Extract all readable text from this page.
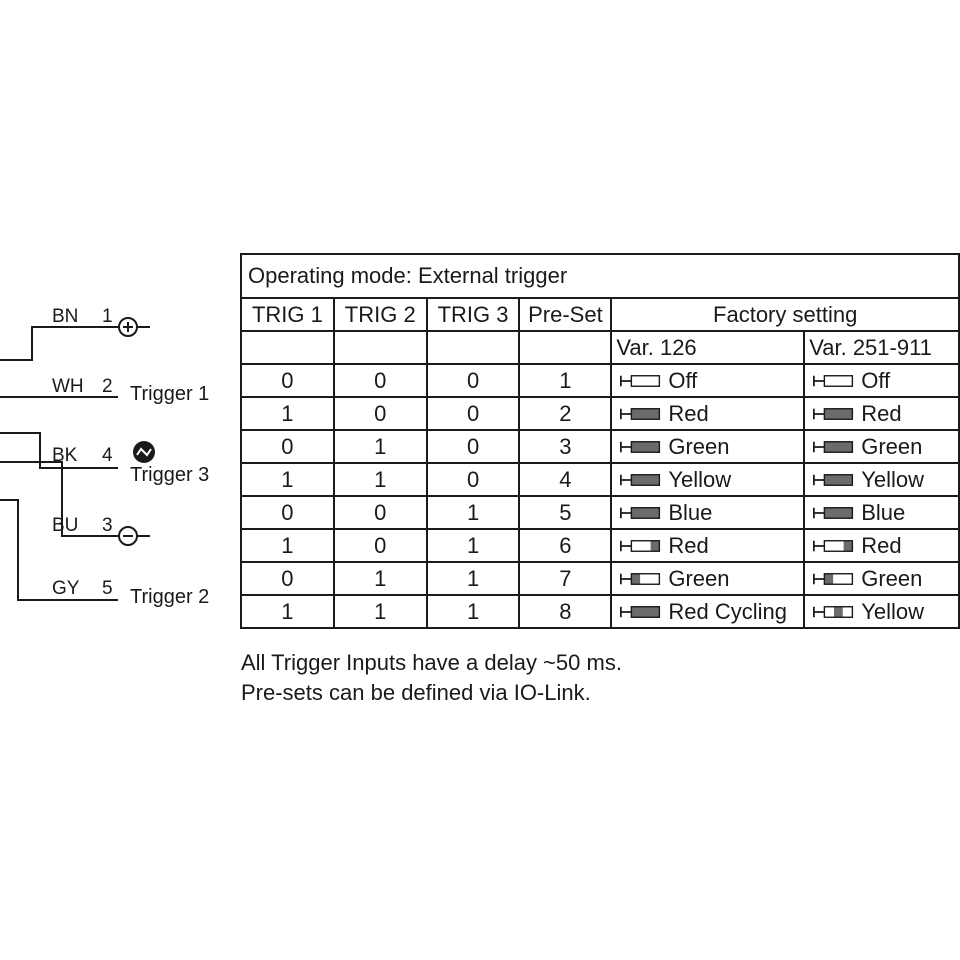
BN 1
WH 2 Trigger 1
BK 4
Trigger 3
BU 3
GY 5 Trigger 2
Operating mode: External trigger					
TRIG 1	TRIG 2	TRIG 3	Pre-Set	Factory setting	
				Var. 126	Var. 251-911
0	0	0	1	Off	Off

1	0	0	2	Red	Red

0	1	0	3	Green	Green

1	1	0	4	Yellow	Yellow

0	0	1	5	Blue	Blue

1	0	1	6	Red	Red

0	1	1	7	Green	Green

1	1	1	8	Red Cycling	Yellow
All Trigger Inputs have a delay ~50 ms.
Pre-sets can be defined via IO-Link.
